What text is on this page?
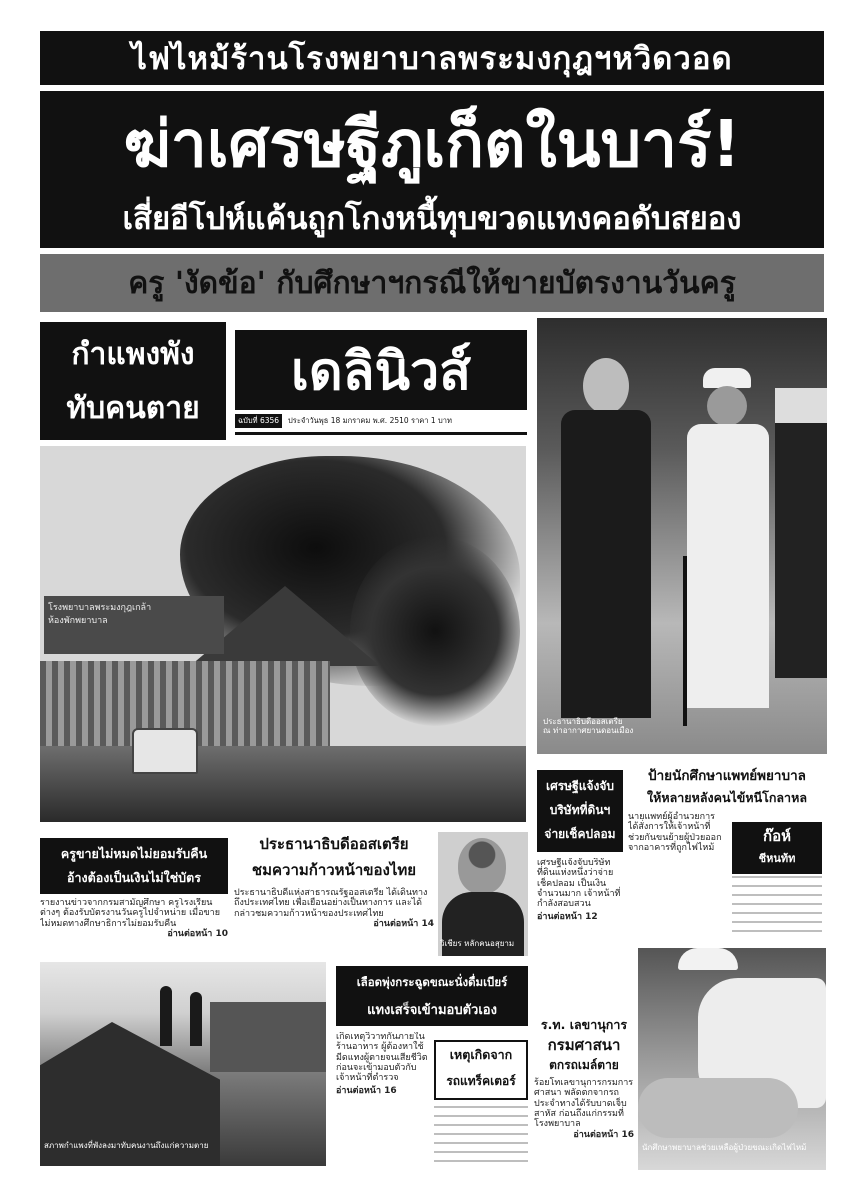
ไฟไหม้ร้านโรงพยาบาลพระมงกุฎฯหวิดวอด
ฆ่าเศรษฐีภูเก็ตในบาร์!
เสี่ยอีโปห์แค้นถูกโกงหนี้ทุบขวดแทงคอดับสยอง
ครู 'งัดข้อ' กับศึกษาฯกรณีให้ขายบัตรงานวันครู
กำแพงพัง
ทับคนตาย
เดลินิวส์
ฉบับที่ 6356	ประจำวันพุธ 18 มกราคม พ.ศ. 2510 ราคา 1 บาท
โรงพยาบาลพระมงกุฎเกล้า
ห้องพักพยาบาล
ประธานาธิบดีออสเตรีย
ณ ท่าอากาศยานดอนเมือง
เศรษฐีแจ้งจับ
บริษัทที่ดินฯ
จ่ายเช็คปลอม
เศรษฐีแจ้งจับบริษัทที่ดินแห่งหนึ่งว่าจ่ายเช็คปลอม เป็นเงินจำนวนมาก เจ้าหน้าที่กำลังสอบสวน
อ่านต่อหน้า 12
ป้ายนักศึกษาแพทย์พยาบาล
ให้หลายหลังคนไข้หนีโกลาหล
นายแพทย์ผู้อำนวยการ ได้สั่งการให้เจ้าหน้าที่ช่วยกันขนย้ายผู้ป่วยออกจากอาคารที่ถูกไฟไหม้
ก๊อห์
ชีหนท้ท
ครูขายไม่หมดไม่ยอมรับคืน
อ้างต้องเป็นเงินไม่ใช่บัตร
รายงานข่าวจากกรมสามัญศึกษา ครูโรงเรียนต่างๆ ต้องรับบัตรงานวันครูไปจำหน่าย เมื่อขายไม่หมดทางศึกษาธิการไม่ยอมรับคืน
อ่านต่อหน้า 10
ประธานาธิบดีออสเตรีย
ชมความก้าวหน้าของไทย
ประธานาธิบดีแห่งสาธารณรัฐออสเตรีย ได้เดินทางถึงประเทศไทย เพื่อเยือนอย่างเป็นทางการ และได้กล่าวชมความก้าวหน้าของประเทศไทย
อ่านต่อหน้า 14
วิเชียร หลักคนอสุยาม
สภาพกำแพงที่พังลงมาทับคนงานถึงแก่ความตาย
เลือดพุ่งกระฉูดขณะนั่งดื่มเบียร์
แทงเสร็จเข้ามอบตัวเอง
เกิดเหตุวิวาทกันภายในร้านอาหาร ผู้ต้องหาใช้มีดแทงผู้ตายจนเสียชีวิต ก่อนจะเข้ามอบตัวกับเจ้าหน้าที่ตำรวจ
อ่านต่อหน้า 16
เหตุเกิดจาก
รถแทร็คเตอร์
ร.ท. เลขานุการ
กรมศาสนา
ตกรถเมล์ตาย
ร้อยโทเลขานุการกรมการศาสนา พลัดตกจากรถประจำทางได้รับบาดเจ็บสาหัส ก่อนถึงแก่กรรมที่โรงพยาบาล
อ่านต่อหน้า 16
นักศึกษาพยาบาลช่วยเหลือผู้ป่วยขณะเกิดไฟไหม้
